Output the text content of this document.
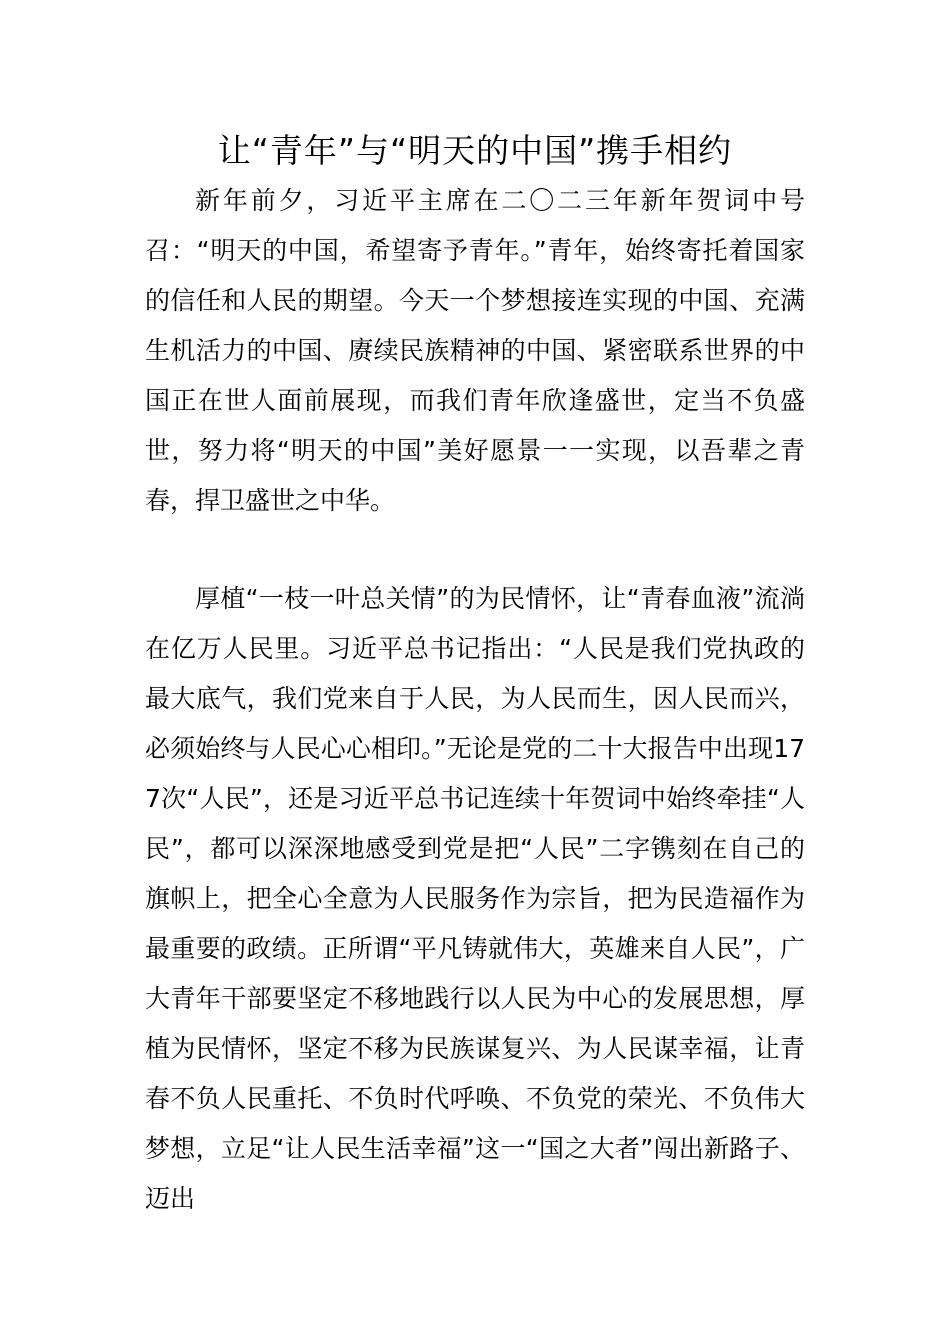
让“青年”与“明天的中国”携手相约

新年前夕，习近平主席在二〇二三年新年贺词中号召：“明天的中国，希望寄予青年。”青年，始终寄托着国家的信任和人民的期望。今天一个梦想接连实现的中国、充满生机活力的中国、赓续民族精神的中国、紧密联系世界的中国正在世人面前展现，而我们青年欣逢盛世，定当不负盛世，努力将“明天的中国”美好愿景一一实现，以吾辈之青春，捍卫盛世之中华。

厚植“一枝一叶总关情”的为民情怀，让“青春血液”流淌在亿万人民里。习近平总书记指出：“人民是我们党执政的最大底气，我们党来自于人民，为人民而生，因人民而兴，必须始终与人民心心相印。”无论是党的二十大报告中出现177次“人民”，还是习近平总书记连续十年贺词中始终牵挂“人民”，都可以深深地感受到党是把“人民”二字镌刻在自己的旗帜上，把全心全意为人民服务作为宗旨，把为民造福作为最重要的政绩。正所谓“平凡铸就伟大，英雄来自人民”，广大青年干部要坚定不移地践行以人民为中心的发展思想，厚植为民情怀，坚定不移为民族谋复兴、为人民谋幸福，让青春不负人民重托、不负时代呼唤、不负党的荣光、不负伟大梦想，立足“让人民生活幸福”这一“国之大者”闯出新路子、迈出
